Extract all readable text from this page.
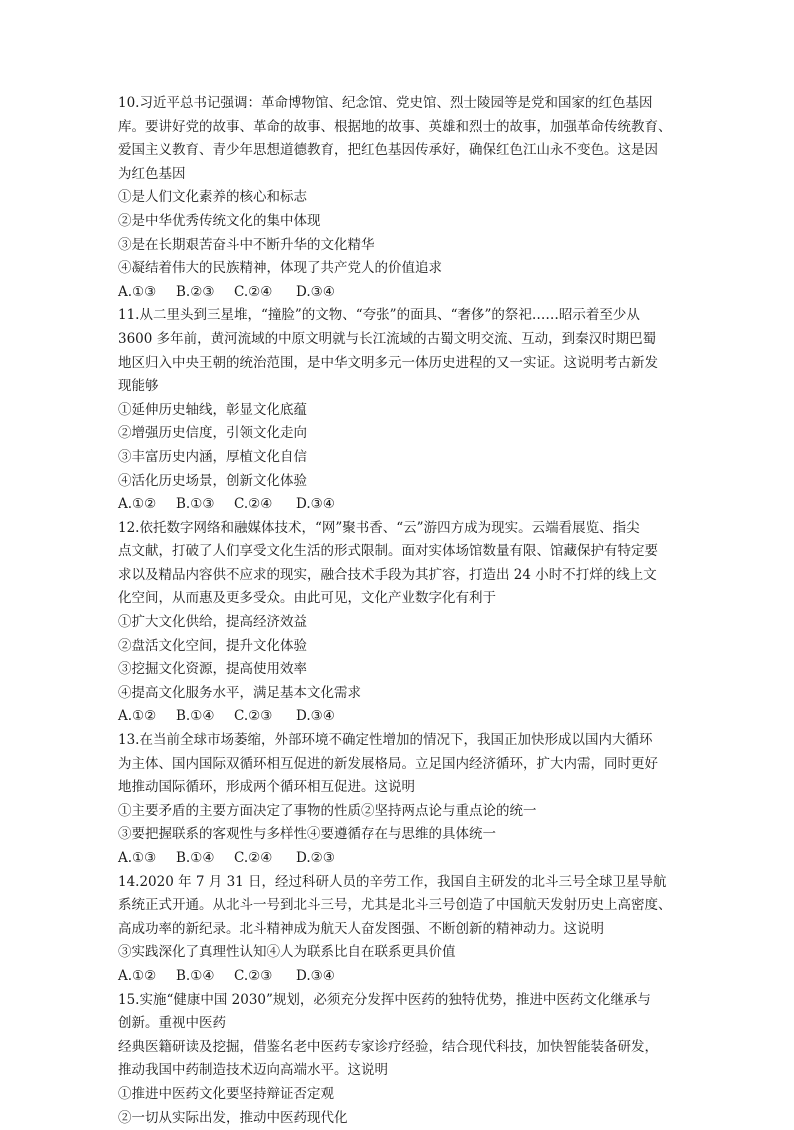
10.习近平总书记强调：革命博物馆、纪念馆、党史馆、烈士陵园等是党和国家的红色基因
库。要讲好党的故事、革命的故事、根据地的故事、英雄和烈士的故事，加强革命传统教育、
爱国主义教育、青少年思想道德教育，把红色基因传承好，确保红色江山永不变色。这是因
为红色基因
①是人们文化素养的核心和标志
②是中华优秀传统文化的集中体现
③是在长期艰苦奋斗中不断升华的文化精华
④凝结着伟大的民族精神，体现了共产党人的价值追求
A.①③ B.②③ C.②④ D.③④
11.从二里头到三星堆，“撞脸”的文物、“夸张”的面具、“奢侈”的祭祀……昭示着至少从
3600 多年前，黄河流域的中原文明就与长江流域的古蜀文明交流、互动，到秦汉时期巴蜀
地区归入中央王朝的统治范围，是中华文明多元一体历史进程的又一实证。这说明考古新发
现能够
①延伸历史轴线，彰显文化底蕴
②增强历史信度，引领文化走向
③丰富历史内涵，厚植文化自信
④活化历史场景，创新文化体验
A.①② B.①③ C.②④ D.③④
12.依托数字网络和融媒体技术，“网”聚书香、“云”游四方成为现实。云端看展览、指尖
点文献，打破了人们享受文化生活的形式限制。面对实体场馆数量有限、馆藏保护有特定要
求以及精品内容供不应求的现实，融合技术手段为其扩容，打造出 24 小时不打烊的线上文
化空间，从而惠及更多受众。由此可见，文化产业数字化有利于
①扩大文化供给，提高经济效益
②盘活文化空间，提升文化体验
③挖掘文化资源，提高使用效率
④提高文化服务水平，满足基本文化需求
A.①② B.①④ C.②③ D.③④
13.在当前全球市场萎缩，外部环境不确定性增加的情况下，我国正加快形成以国内大循环
为主体、国内国际双循环相互促进的新发展格局。立足国内经济循环，扩大内需，同时更好
地推动国际循环，形成两个循环相互促进。这说明
①主要矛盾的主要方面决定了事物的性质②坚持两点论与重点论的统一
③要把握联系的客观性与多样性④要遵循存在与思维的具体统一
A.①③ B.①④ C.②④ D.②③
14.2020 年 7 月 31 日，经过科研人员的辛劳工作，我国自主研发的北斗三号全球卫星导航
系统正式开通。从北斗一号到北斗三号，尤其是北斗三号创造了中国航天发射历史上高密度、
高成功率的新纪录。北斗精神成为航天人奋发图强、不断创新的精神动力。这说明
③实践深化了真理性认知④人为联系比自在联系更具价值
A.①② B.①④ C.②③ D.③④
15.实施“健康中国 2030”规划，必须充分发挥中医药的独特优势，推进中医药文化继承与
创新。重视中医药
经典医籍研读及挖掘，借鉴名老中医药专家诊疗经验，结合现代科技，加快智能装备研发，
推动我国中药制造技术迈向高端水平。这说明
①推进中医药文化要坚持辩证否定观
②一切从实际出发，推动中医药现代化
